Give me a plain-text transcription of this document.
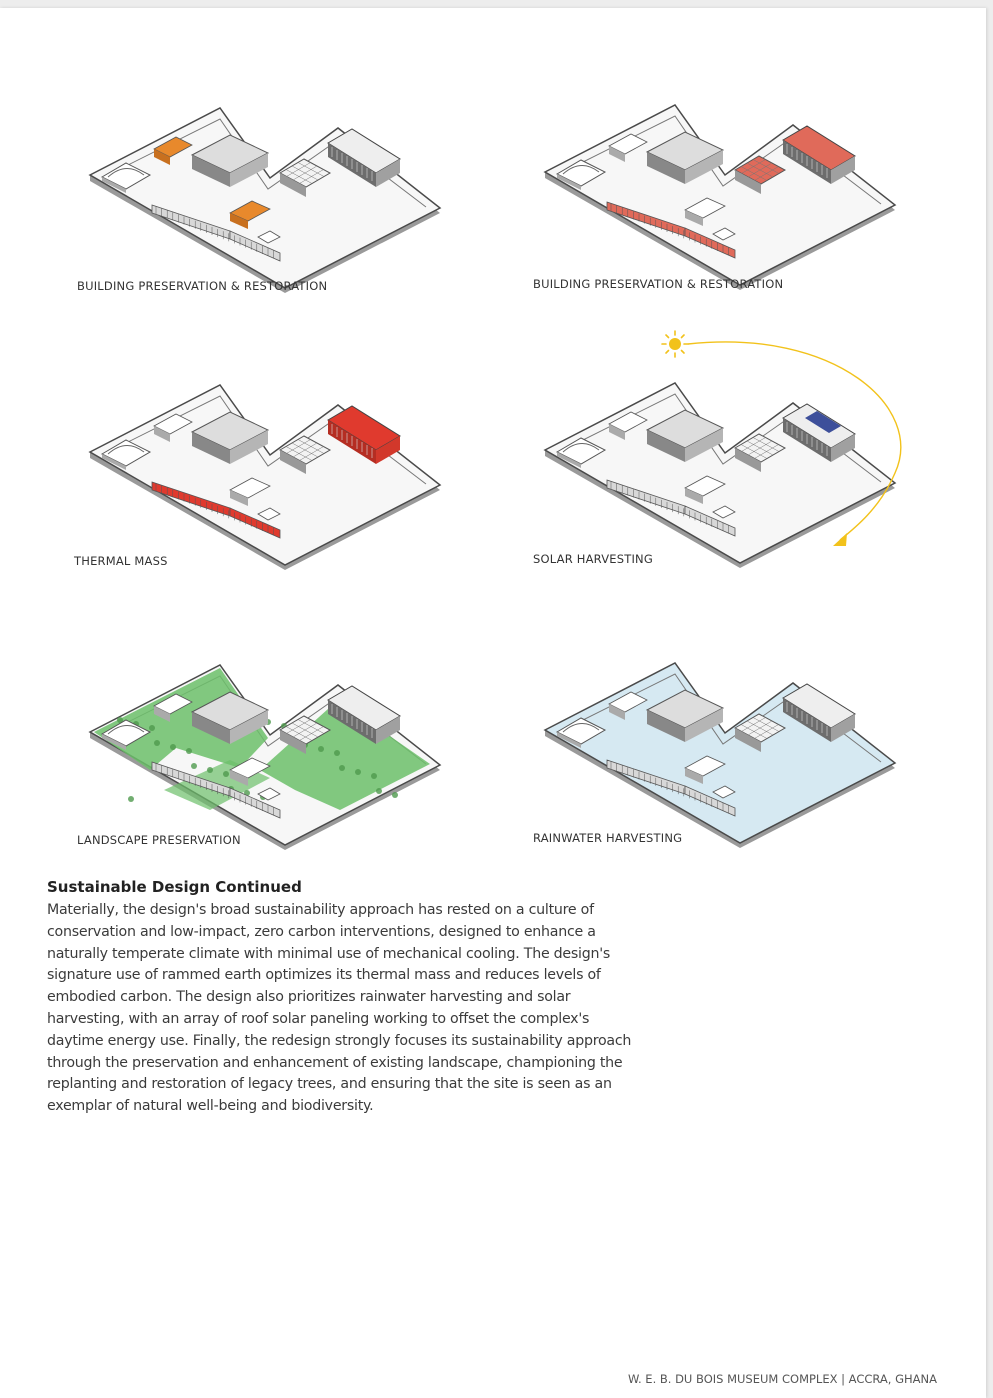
BUILDING PRESERVATION & RESTORATION	BUILDING PRESERVATION & RESTORATION
THERMAL MASS	SOLAR HARVESTING
LANDSCAPE PRESERVATION	RAINWATER HARVESTING

Sustainable Design Continued

Materially, the design's broad sustainability approach has rested on a culture of conservation and low-impact, zero carbon interventions, designed to enhance a naturally temperate climate with minimal use of mechanical cooling. The design's signature use of rammed earth optimizes its thermal mass and reduces levels of embodied carbon. The design also prioritizes rainwater harvesting and solar harvesting, with an array of roof solar paneling working to offset the complex's daytime energy use. Finally, the redesign strongly focuses its sustainability approach through the preservation and enhancement of existing landscape, championing the replanting and restoration of legacy trees, and ensuring that the site is seen as an exemplar of natural well-being and biodiversity.

W. E. B. DU BOIS MUSEUM COMPLEX | ACCRA, GHANA
